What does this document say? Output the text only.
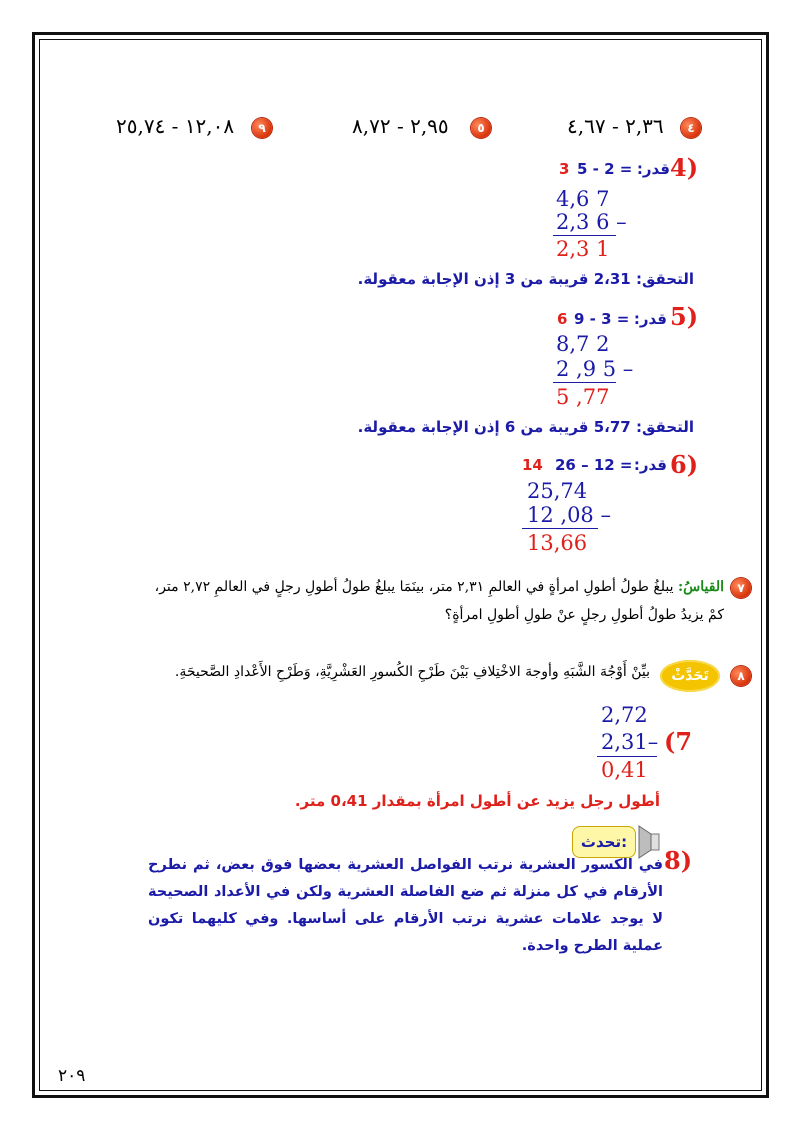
٩
١٢,٠٨ - ٢٥,٧٤	٥
٢,٩٥ - ٨,٧٢	٤
٢,٣٦ - ٤,٦٧
4)
قدر:
5 - 2 =
3
4,6 7
2,3 6 –
2,3 1
التحقق: 2،31 قريبة من 3 إذن الإجابة معقولة.
5)
قدر:
9 - 3 =
6
8,7 2
2 ,9 5 –
5 ,77
التحقق: 5،77 قريبة من 6 إذن الإجابة معقولة.
6)
قدر:
26 – 12 =
14
25,74
12 ,08 –
13,66
٧
القياسُ: يبلغُ طولُ أطولِ امرأةٍ في العالمِ ٢,٣١ متر، بينَمَا يبلغُ طولُ أطولِ رجلٍ في العالمِ ٢,٧٢ متر،
كمْ يزيدُ طولُ أطولِ رجلٍ عنْ طولِ أطولِ امرأةٍ؟
٨
تَحَدَّثْ
بيِّنْ أَوْجُهَ الشَّبَهِ وأوجهَ الاخْتِلافِ بَيْنَ طَرْحِ الكُسورِ العَشْرِيَّةِ، وَطَرْحِ الأَعْدادِ الصَّحيحَةِ.
2,72
2,31– (7
0,41
أطول رجل يزيد عن أطول امرأة بمقدار 0،41 متر.
8)
تحدث:
في الكسور العشرية نرتب الفواصل العشرية بعضها فوق بعض، ثم نطرح الأرقام في كل منزلة ثم ضع الفاصلة العشرية ولكن في الأعداد الصحيحة لا يوجد علامات عشرية نرتب الأرقام على أساسها. وفي كليهما تكون عملية الطرح واحدة.
٢٠٩
